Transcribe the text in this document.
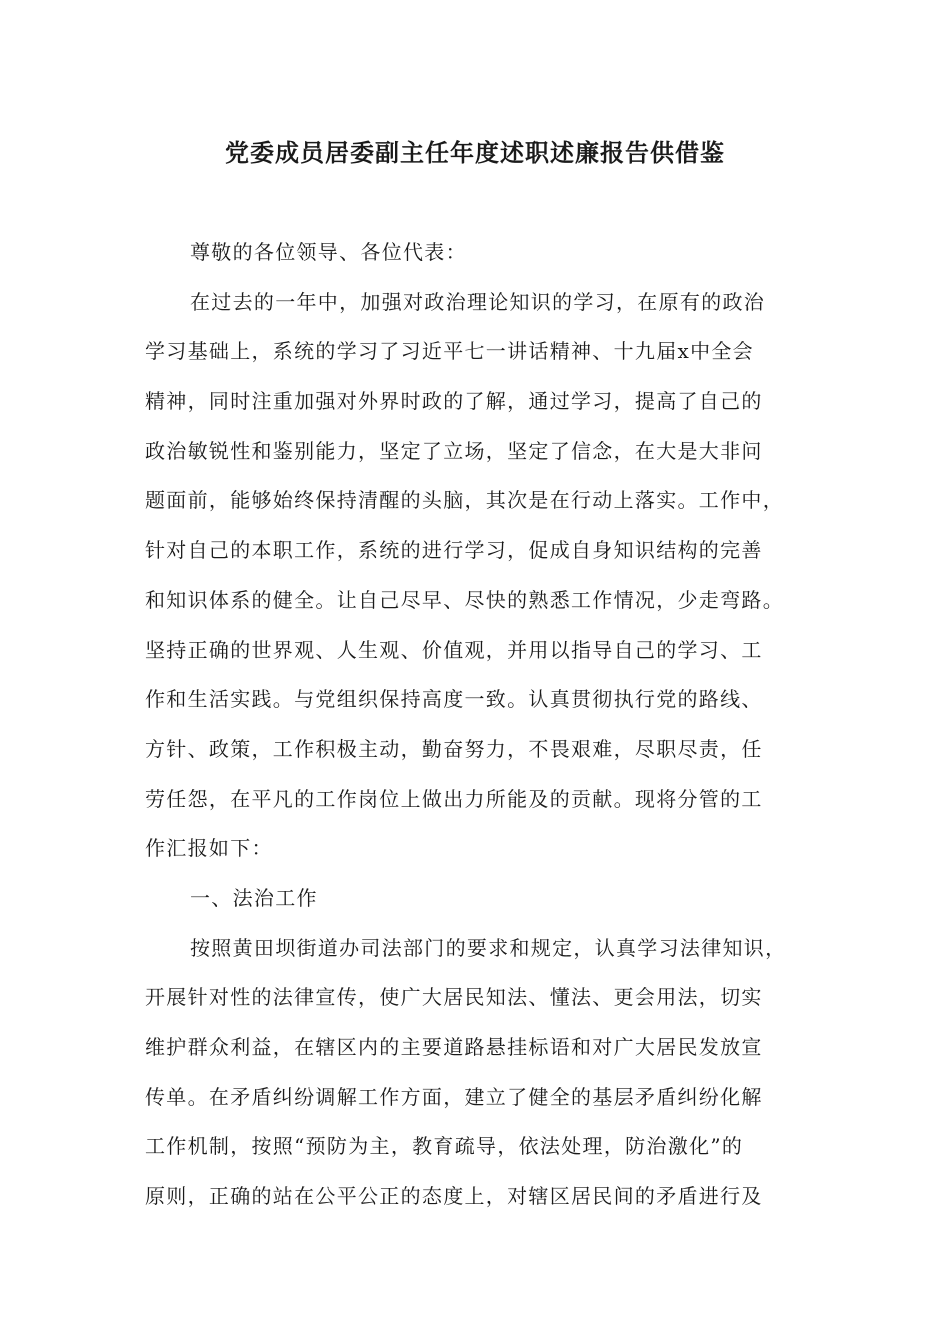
党委成员居委副主任年度述职述廉报告供借鉴
尊敬的各位领导、各位代表：
在过去的一年中，加强对政治理论知识的学习，在原有的政治
学习基础上，系统的学习了习近平七一讲话精神、十九届x中全会
精神，同时注重加强对外界时政的了解，通过学习，提高了自己的
政治敏锐性和鉴别能力，坚定了立场，坚定了信念，在大是大非问
题面前，能够始终保持清醒的头脑，其次是在行动上落实。工作中，
针对自己的本职工作，系统的进行学习，促成自身知识结构的完善
和知识体系的健全。让自己尽早、尽快的熟悉工作情况，少走弯路。
坚持正确的世界观、人生观、价值观，并用以指导自己的学习、工
作和生活实践。与党组织保持高度一致。认真贯彻执行党的路线、
方针、政策，工作积极主动，勤奋努力，不畏艰难，尽职尽责，任
劳任怨，在平凡的工作岗位上做出力所能及的贡献。现将分管的工
作汇报如下：
一、法治工作
按照黄田坝街道办司法部门的要求和规定，认真学习法律知识，
开展针对性的法律宣传，使广大居民知法、懂法、更会用法，切实
维护群众利益，在辖区内的主要道路悬挂标语和对广大居民发放宣
传单。在矛盾纠纷调解工作方面，建立了健全的基层矛盾纠纷化解
工作机制，按照“预防为主，教育疏导，依法处理，防治激化”的
原则，正确的站在公平公正的态度上，对辖区居民间的矛盾进行及
